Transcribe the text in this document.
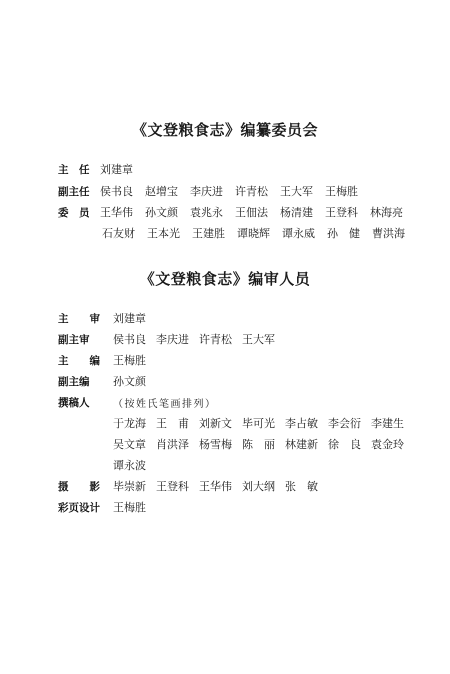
《文登粮食志》编纂委员会
主　任 刘建章
副主任 侯书良 赵增宝 李庆进 许青松 王大军 王梅胜
委　员 王华伟 孙文颜 袁兆永 王佃法 杨清建 王登科 林海亮
石友财 王本光 王建胜 谭晓辉 谭永威 孙　健 曹洪海
《文登粮食志》编审人员
主　　审	刘建章
副主审	侯书良 李庆进 许青松 王大军
主　　编	王梅胜
副主编	孙文颜
撰稿人	（按姓氏笔画排列）
于龙海 王　甫 刘新文 毕可光 李占敏 李会衍 李建生
吴文章 肖洪泽 杨雪梅 陈　丽 林建新 徐　良 袁金玲
谭永波
摄　　影	毕崇新 王登科 王华伟 刘大纲 张　敏
彩页设计	王梅胜
